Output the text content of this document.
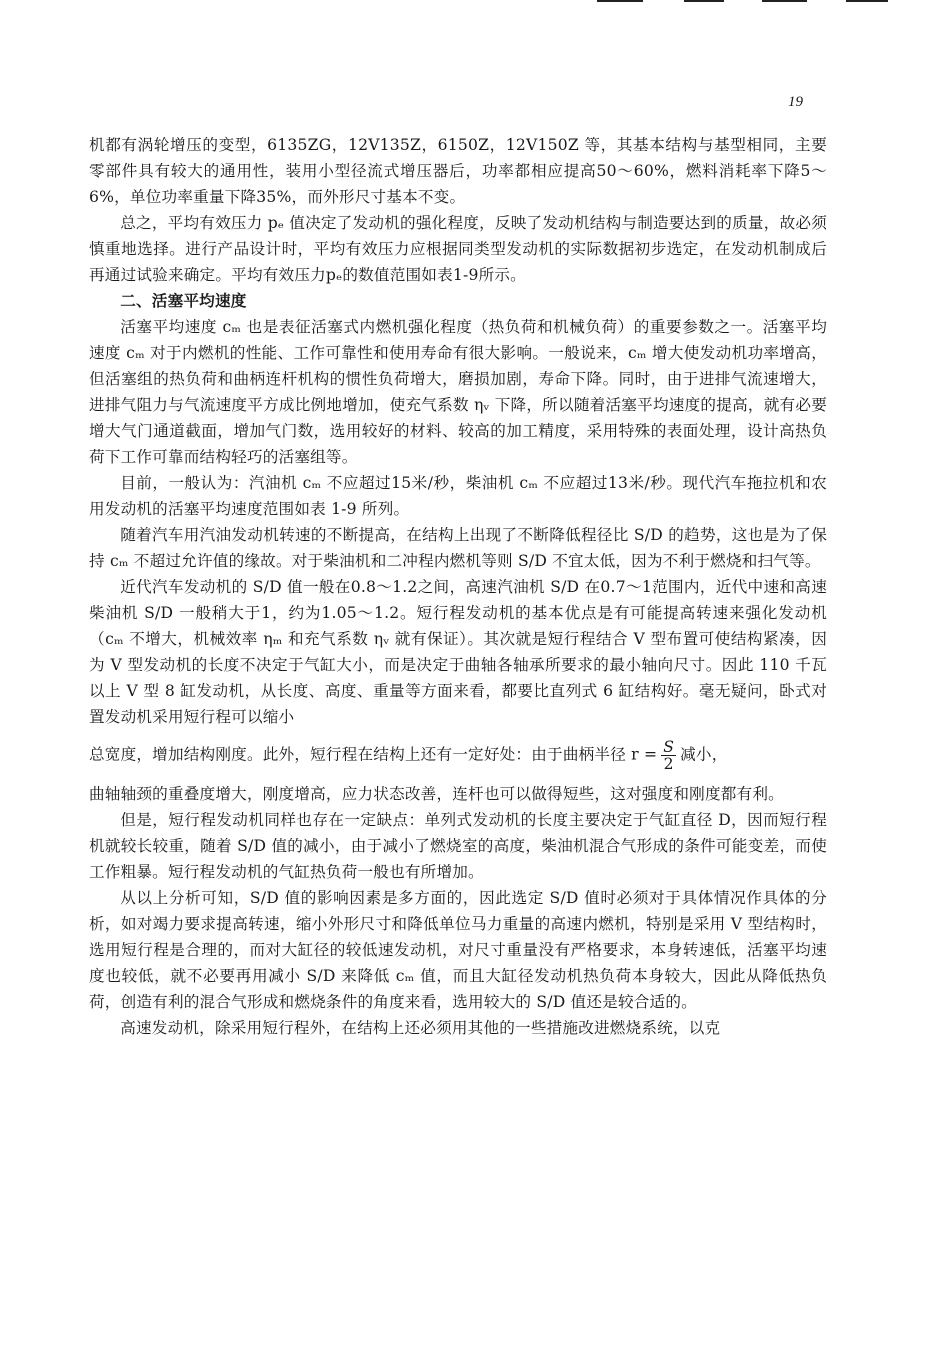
19

机都有涡轮增压的变型，6135ZG，12V135Z，6150Z，12V150Z 等，其基本结构与基型相同，主要零部件具有较大的通用性，装用小型径流式增压器后，功率都相应提高50～60%，燃料消耗率下降5～6%，单位功率重量下降35%，而外形尺寸基本不变。

总之，平均有效压力 pₑ 值决定了发动机的强化程度，反映了发动机结构与制造要达到的质量，故必须慎重地选择。进行产品设计时，平均有效压力应根据同类型发动机的实际数据初步选定，在发动机制成后再通过试验来确定。平均有效压力pₑ的数值范围如表1-9所示。

二、活塞平均速度

活塞平均速度 cₘ 也是表征活塞式内燃机强化程度（热负荷和机械负荷）的重要参数之一。活塞平均速度 cₘ 对于内燃机的性能、工作可靠性和使用寿命有很大影响。一般说来，cₘ 增大使发动机功率增高，但活塞组的热负荷和曲柄连杆机构的惯性负荷增大，磨损加剧，寿命下降。同时，由于进排气流速增大，进排气阻力与气流速度平方成比例地增加，使充气系数 ηᵥ 下降，所以随着活塞平均速度的提高，就有必要增大气门通道截面，增加气门数，选用较好的材料、较高的加工精度，采用特殊的表面处理，设计高热负荷下工作可靠而结构轻巧的活塞组等。

目前，一般认为：汽油机 cₘ 不应超过15米/秒，柴油机 cₘ 不应超过13米/秒。现代汽车拖拉机和农用发动机的活塞平均速度范围如表 1-9 所列。

随着汽车用汽油发动机转速的不断提高，在结构上出现了不断降低程径比 S/D 的趋势，这也是为了保持 cₘ 不超过允许值的缘故。对于柴油机和二冲程内燃机等则 S/D 不宜太低，因为不利于燃烧和扫气等。

近代汽车发动机的 S/D 值一般在0.8～1.2之间，高速汽油机 S/D 在0.7～1范围内，近代中速和高速柴油机 S/D 一般稍大于1，约为1.05～1.2。短行程发动机的基本优点是有可能提高转速来强化发动机（cₘ 不增大，机械效率 ηₘ 和充气系数 ηᵥ 就有保证）。其次就是短行程结合 V 型布置可使结构紧凑，因为 V 型发动机的长度不决定于气缸大小，而是决定于曲轴各轴承所要求的最小轴向尺寸。因此 110 千瓦以上 V 型 8 缸发动机，从长度、高度、重量等方面来看，都要比直列式 6 缸结构好。毫无疑问，卧式对置发动机采用短行程可以缩小

总宽度，增加结构刚度。此外，短行程在结构上还有一定好处：由于曲柄半径 $r = \frac{S}{2}$ 减小，

曲轴轴颈的重叠度增大，刚度增高，应力状态改善，连杆也可以做得短些，这对强度和刚度都有利。

但是，短行程发动机同样也存在一定缺点：单列式发动机的长度主要决定于气缸直径 D，因而短行程机就较长较重，随着 S/D 值的减小，由于减小了燃烧室的高度，柴油机混合气形成的条件可能变差，而使工作粗暴。短行程发动机的气缸热负荷一般也有所增加。

从以上分析可知，S/D 值的影响因素是多方面的，因此选定 S/D 值时必须对于具体情况作具体的分析，如对竭力要求提高转速，缩小外形尺寸和降低单位马力重量的高速内燃机，特别是采用 V 型结构时，选用短行程是合理的，而对大缸径的较低速发动机，对尺寸重量没有严格要求，本身转速低，活塞平均速度也较低，就不必要再用减小 S/D 来降低 cₘ 值，而且大缸径发动机热负荷本身较大，因此从降低热负荷，创造有利的混合气形成和燃烧条件的角度来看，选用较大的 S/D 值还是较合适的。

高速发动机，除采用短行程外，在结构上还必须用其他的一些措施改进燃烧系统，以克
